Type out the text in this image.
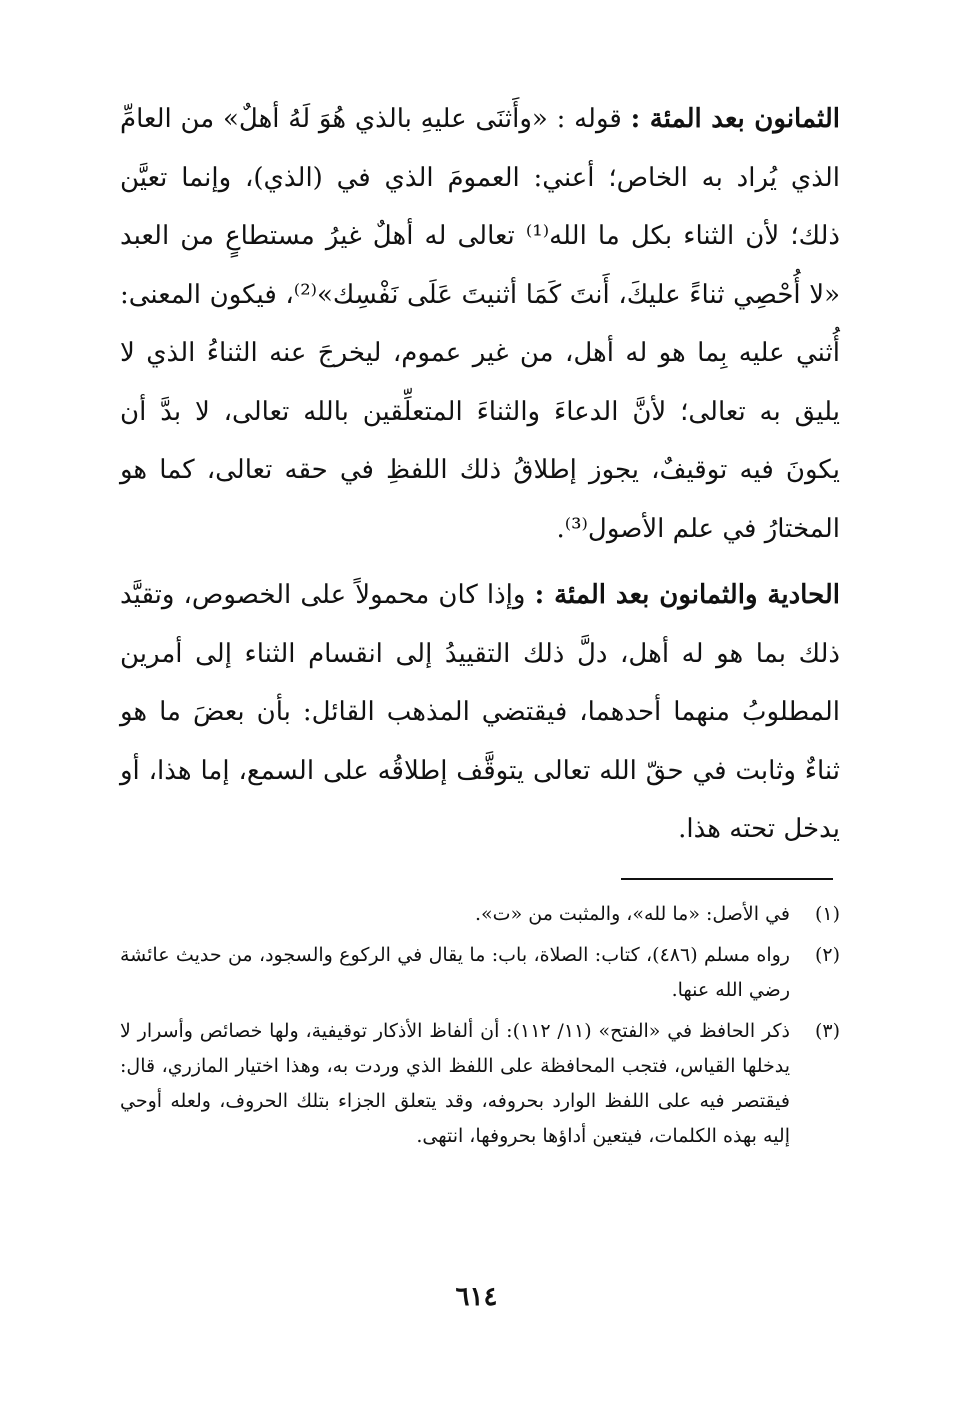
الثمانون بعد المئة : قوله : «وأَثنَى عليهِ بالذي هُوَ لَهُ أهلٌ» من العامِّ الذي يُراد به الخاص؛ أعني: العمومَ الذي في (الذي)، وإنما تعيَّن ذلك؛ لأن الثناء بكل ما الله⁽¹⁾ تعالى له أهلٌ غيرُ مستطاعٍ من العبد «لا أُحْصِي ثناءً عليكَ، أَنتَ كَمَا أثنيتَ عَلَى نَفْسِك»⁽²⁾، فيكون المعنى: أُثني عليه بِما هو له أهل، من غير عموم، ليخرجَ عنه الثناءُ الذي لا يليق به تعالى؛ لأنَّ الدعاءَ والثناءَ المتعلِّقين بالله تعالى، لا بدَّ أن يكونَ فيه توقيفٌ، يجوز إطلاقُ ذلك اللفظِ في حقه تعالى، كما هو المختارُ في علم الأصول⁽³⁾.

الحادية والثمانون بعد المئة : وإذا كان محمولاً على الخصوص، وتقيَّد ذلك بما هو له أهل، دلَّ ذلك التقييدُ إلى انقسام الثناء إلى أمرين المطلوبُ منهما أحدهما، فيقتضي المذهب القائل: بأن بعضَ ما هو ثناءٌ وثابت في حقّ الله تعالى يتوقَّف إطلاقُه على السمع، إما هذا، أو يدخل تحته هذا.

(١)
في الأصل: «ما لله»، والمثبت من «ت».
(٢)
رواه مسلم (٤٨٦)، كتاب: الصلاة، باب: ما يقال في الركوع والسجود، من حديث عائشة رضي الله عنها.
(٣)
ذكر الحافظ في «الفتح» (١١/ ١١٢): أن ألفاظ الأذكار توقيفية، ولها خصائص وأسرار لا يدخلها القياس، فتجب المحافظة على اللفظ الذي وردت به، وهذا اختيار المازري، قال: فيقتصر فيه على اللفظ الوارد بحروفه، وقد يتعلق الجزاء بتلك الحروف، ولعله أوحي إليه بهذه الكلمات، فيتعين أداؤها بحروفها، انتهى.
٦١٤
